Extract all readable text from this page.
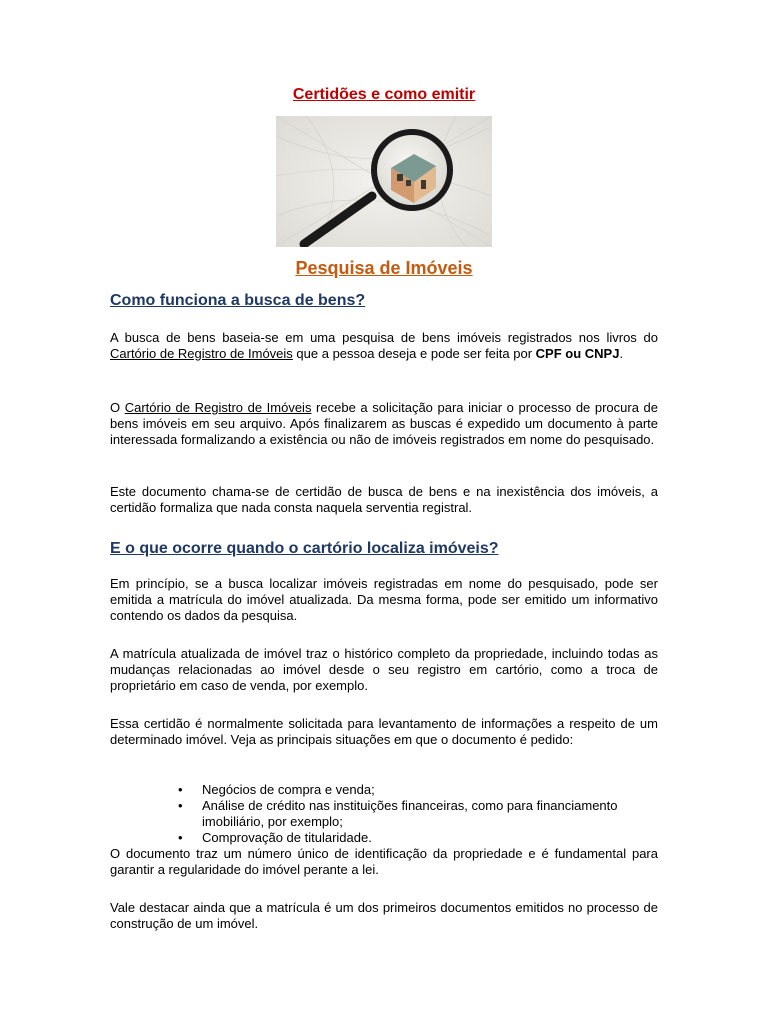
Certidões e como emitir
Pesquisa de Imóveis
Como funciona a busca de bens?

A busca de bens baseia-se em uma pesquisa de bens imóveis registrados nos livros do Cartório de Registro de Imóveis que a pessoa deseja e pode ser feita por CPF ou CNPJ.

O Cartório de Registro de Imóveis recebe a solicitação para iniciar o processo de procura de bens imóveis em seu arquivo. Após finalizarem as buscas é expedido um documento à parte interessada formalizando a existência ou não de imóveis registrados em nome do pesquisado.

Este documento chama-se de certidão de busca de bens e na inexistência dos imóveis, a certidão formaliza que nada consta naquela serventia registral.

E o que ocorre quando o cartório localiza imóveis?

Em princípio, se a busca localizar imóveis registradas em nome do pesquisado, pode ser emitida a matrícula do imóvel atualizada. Da mesma forma, pode ser emitido um informativo contendo os dados da pesquisa.

A matrícula atualizada de imóvel traz o histórico completo da propriedade, incluindo todas as mudanças relacionadas ao imóvel desde o seu registro em cartório, como a troca de proprietário em caso de venda, por exemplo.

Essa certidão é normalmente solicitada para levantamento de informações a respeito de um determinado imóvel. Veja as principais situações em que o documento é pedido:

• Negócios de compra e venda;
• Análise de crédito nas instituições financeiras, como para financiamento imobiliário, por exemplo;
• Comprovação de titularidade.

O documento traz um número único de identificação da propriedade e é fundamental para garantir a regularidade do imóvel perante a lei.

Vale destacar ainda que a matrícula é um dos primeiros documentos emitidos no processo de construção de um imóvel.
